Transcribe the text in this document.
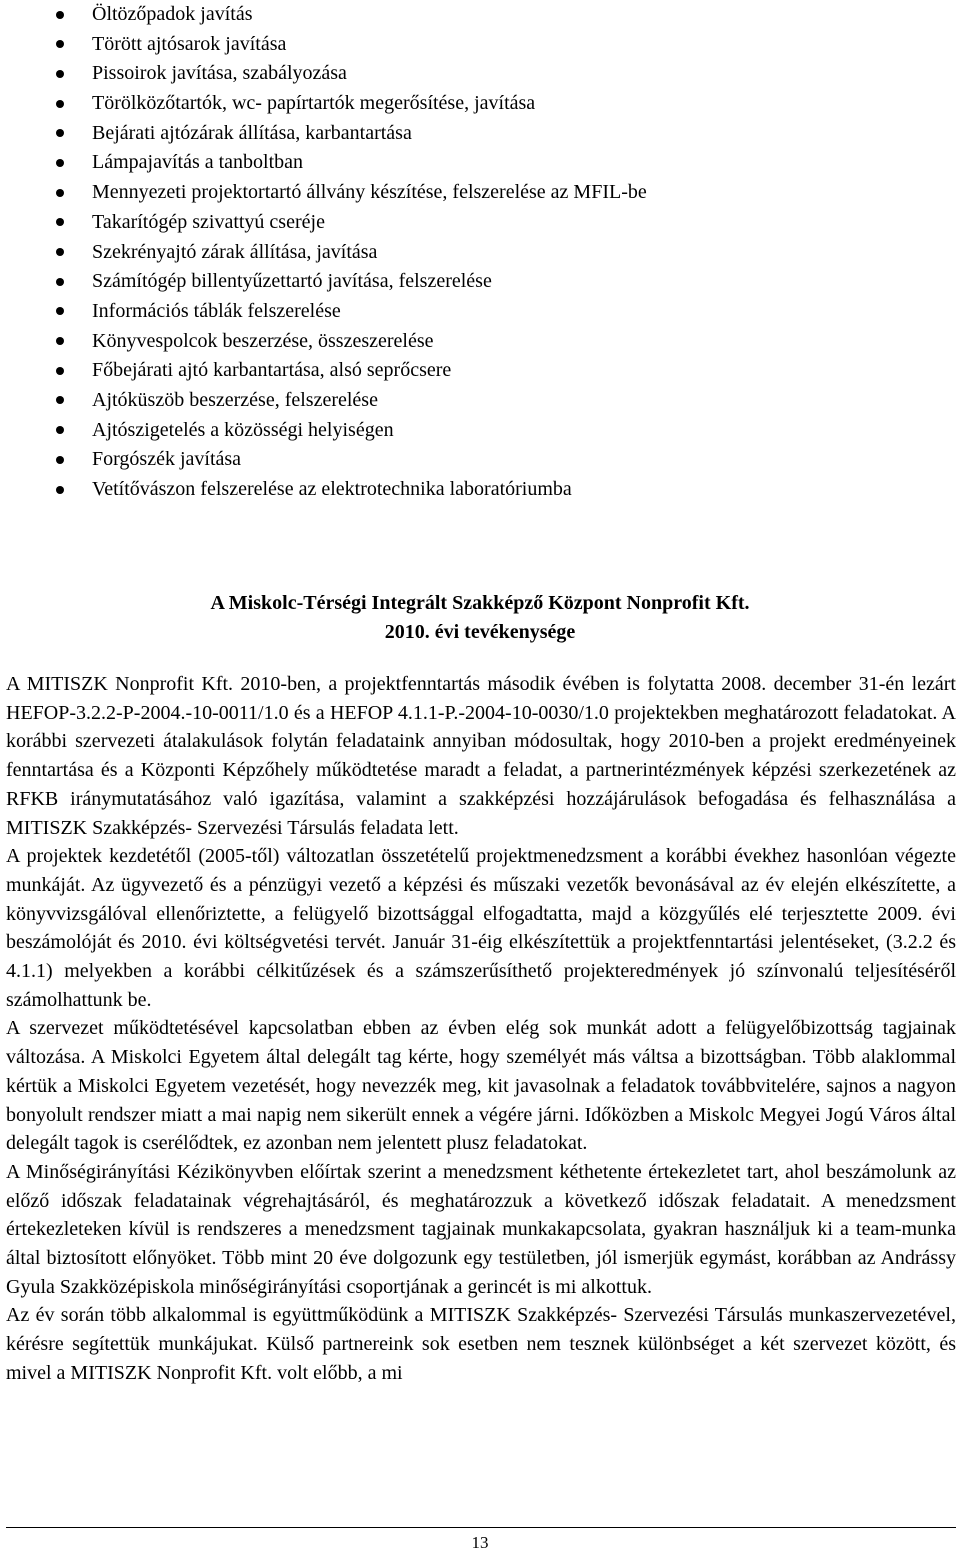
Öltözőpadok javítás
Törött ajtósarok javítása
Pissoirok javítása, szabályozása
Törölközőtartók, wc- papírtartók megerősítése, javítása
Bejárati ajtózárak állítása, karbantartása
Lámpajavítás a tanboltban
Mennyezeti projektortartó állvány készítése, felszerelése az MFIL-be
Takarítógép szivattyú cseréje
Szekrényajtó zárak állítása, javítása
Számítógép billentyűzettartó javítása, felszerelése
Információs táblák felszerelése
Könyvespolcok beszerzése, összeszerelése
Főbejárati ajtó karbantartása, alsó seprőcsere
Ajtóküszöb beszerzése, felszerelése
Ajtószigetelés a közösségi helyiségen
Forgószék javítása
Vetítővászon felszerelése az elektrotechnika laboratóriumba
A Miskolc-Térségi Integrált Szakképző Központ Nonprofit Kft.
2010. évi tevékenysége

A MITISZK Nonprofit Kft. 2010-ben, a projektfenntartás második évében is folytatta 2008. december 31-én lezárt HEFOP-3.2.2-P-2004.-10-0011/1.0 és a HEFOP 4.1.1-P.-2004-10-0030/1.0 projektekben meghatározott feladatokat. A korábbi szervezeti átalakulások folytán feladataink annyiban módosultak, hogy 2010-ben a projekt eredményeinek fenntartása és a Központi Képzőhely működtetése maradt a feladat, a partnerintézmények képzési szerkezetének az RFKB iránymutatásához való igazítása, valamint a szakképzési hozzájárulások befogadása és felhasználása a MITISZK Szakképzés- Szervezési Társulás feladata lett.

A projektek kezdetétől (2005-től) változatlan összetételű projektmenedzsment a korábbi évekhez hasonlóan végezte munkáját. Az ügyvezető és a pénzügyi vezető a képzési és műszaki vezetők bevonásával az év elején elkészítette, a könyvvizsgálóval ellenőriztette, a felügyelő bizottsággal elfogadtatta, majd a közgyűlés elé terjesztette 2009. évi beszámolóját és 2010. évi költségvetési tervét. Január 31-éig elkészítettük a projektfenntartási jelentéseket, (3.2.2 és 4.1.1) melyekben a korábbi célkitűzések és a számszerűsíthető projekteredmények jó színvonalú teljesítéséről számolhattunk be.

A szervezet működtetésével kapcsolatban ebben az évben elég sok munkát adott a felügyelőbizottság tagjainak változása. A Miskolci Egyetem által delegált tag kérte, hogy személyét más váltsa a bizottságban. Több alaklommal kértük a Miskolci Egyetem vezetését, hogy nevezzék meg, kit javasolnak a feladatok továbbvitelére, sajnos a nagyon bonyolult rendszer miatt a mai napig nem sikerült ennek a végére járni. Időközben a Miskolc Megyei Jogú Város által delegált tagok is cserélődtek, ez azonban nem jelentett plusz feladatokat.

A Minőségirányítási Kézikönyvben előírtak szerint a menedzsment kéthetente értekezletet tart, ahol beszámolunk az előző időszak feladatainak végrehajtásáról, és meghatározzuk a következő időszak feladatait. A menedzsment értekezleteken kívül is rendszeres a menedzsment tagjainak munkakapcsolata, gyakran használjuk ki a team-munka által biztosított előnyöket. Több mint 20 éve dolgozunk egy testületben, jól ismerjük egymást, korábban az Andrássy Gyula Szakközépiskola minőségirányítási csoportjának a gerincét is mi alkottuk.

Az év során több alkalommal is együttműködünk a MITISZK Szakképzés- Szervezési Társulás munkaszervezetével, kérésre segítettük munkájukat. Külső partnereink sok esetben nem tesznek különbséget a két szervezet között, és mivel a MITISZK Nonprofit Kft. volt előbb, a mi

13
